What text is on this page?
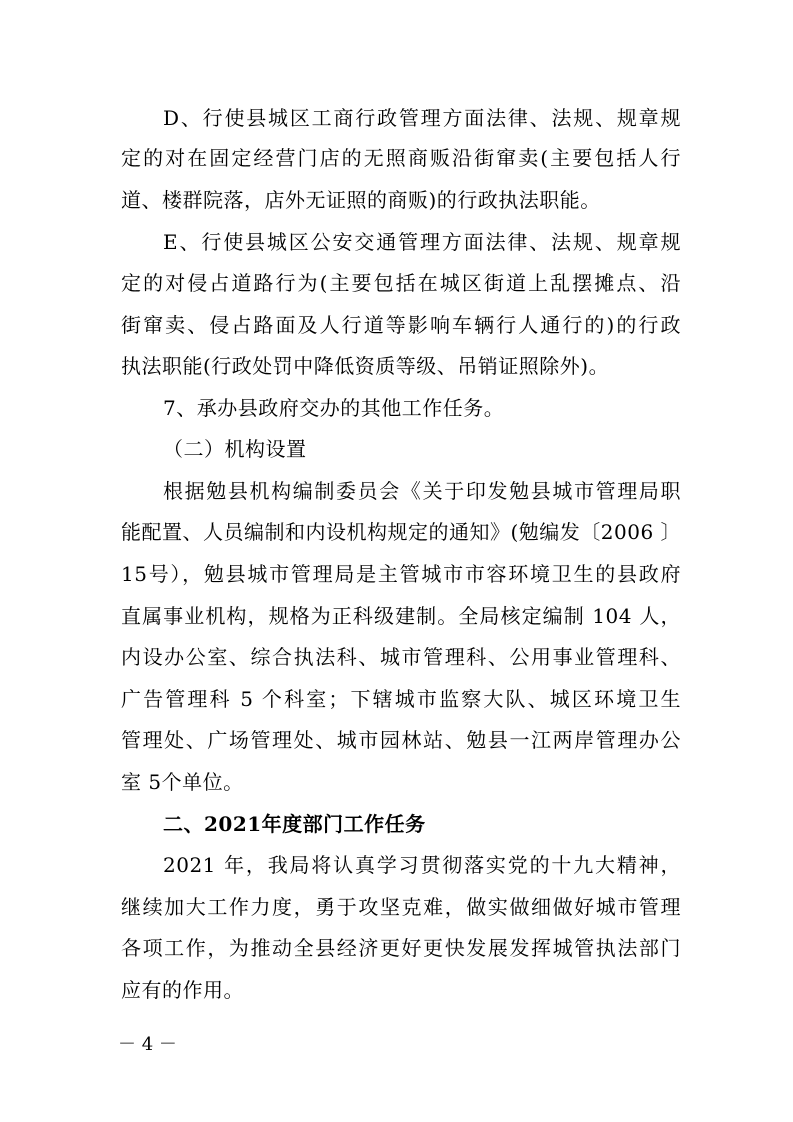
D、行使县城区工商行政管理方面法律、法规、规章规
定的对在固定经营门店的无照商贩沿街窜卖(主要包括人行
道、楼群院落，店外无证照的商贩)的行政执法职能。
E、行使县城区公安交通管理方面法律、法规、规章规
定的对侵占道路行为(主要包括在城区街道上乱摆摊点、沿
街窜卖、侵占路面及人行道等影响车辆行人通行的)的行政
执法职能(行政处罚中降低资质等级、吊销证照除外)。
7、承办县政府交办的其他工作任务。
（二）机构设置
根据勉县机构编制委员会《关于印发勉县城市管理局职
能配置、人员编制和内设机构规定的通知》(勉编发〔2006 〕
15号），勉县城市管理局是主管城市市容环境卫生的县政府
直属事业机构，规格为正科级建制。全局核定编制 104 人，
内设办公室、综合执法科、城市管理科、公用事业管理科、
广告管理科 5 个科室；下辖城市监察大队、城区环境卫生
管理处、广场管理处、城市园林站、勉县一江两岸管理办公
室 5个单位。
二、2021年度部门工作任务
2021 年，我局将认真学习贯彻落实党的十九大精神，
继续加大工作力度，勇于攻坚克难，做实做细做好城市管理
各项工作，为推动全县经济更好更快发展发挥城管执法部门
应有的作用。
－ 4 －
